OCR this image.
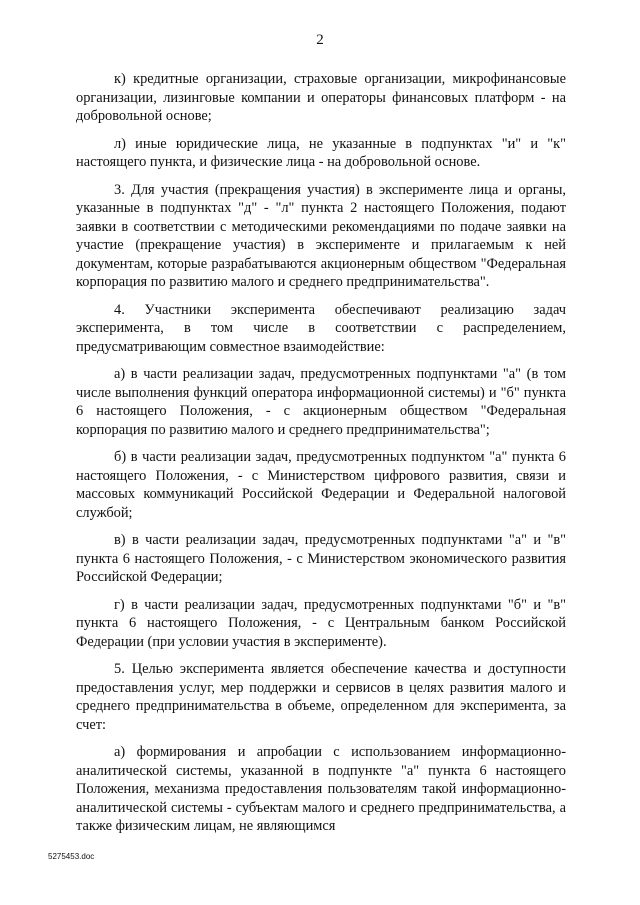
2

к) кредитные организации, страховые организации, микрофинансовые организации, лизинговые компании и операторы финансовых платформ - на добровольной основе;

л) иные юридические лица, не указанные в подпунктах "и" и "к" настоящего пункта, и физические лица - на добровольной основе.

3. Для участия (прекращения участия) в эксперименте лица и органы, указанные в подпунктах "д" - "л" пункта 2 настоящего Положения, подают заявки в соответствии с методическими рекомендациями по подаче заявки на участие (прекращение участия) в эксперименте и прилагаемым к ней документам, которые разрабатываются акционерным обществом "Федеральная корпорация по развитию малого и среднего предпринимательства".

4. Участники эксперимента обеспечивают реализацию задач эксперимента, в том числе в соответствии с распределением, предусматривающим совместное взаимодействие:

а) в части реализации задач, предусмотренных подпунктами "а" (в том числе выполнения функций оператора информационной системы) и "б" пункта 6 настоящего Положения, - с акционерным обществом "Федеральная корпорация по развитию малого и среднего предпринимательства";

б) в части реализации задач, предусмотренных подпунктом "а" пункта 6 настоящего Положения, - с Министерством цифрового развития, связи и массовых коммуникаций Российской Федерации и Федеральной налоговой службой;

в) в части реализации задач, предусмотренных подпунктами "а" и "в" пункта 6 настоящего Положения, - с Министерством экономического развития Российской Федерации;

г) в части реализации задач, предусмотренных подпунктами "б" и "в" пункта 6 настоящего Положения, - с Центральным банком Российской Федерации (при условии участия в эксперименте).

5. Целью эксперимента является обеспечение качества и доступности предоставления услуг, мер поддержки и сервисов в целях развития малого и среднего предпринимательства в объеме, определенном для эксперимента, за счет:

а) формирования и апробации с использованием информационно-аналитической системы, указанной в подпункте "а" пункта 6 настоящего Положения, механизма предоставления пользователям такой информационно-аналитической системы - субъектам малого и среднего предпринимательства, а также физическим лицам, не являющимся

5275453.doc
